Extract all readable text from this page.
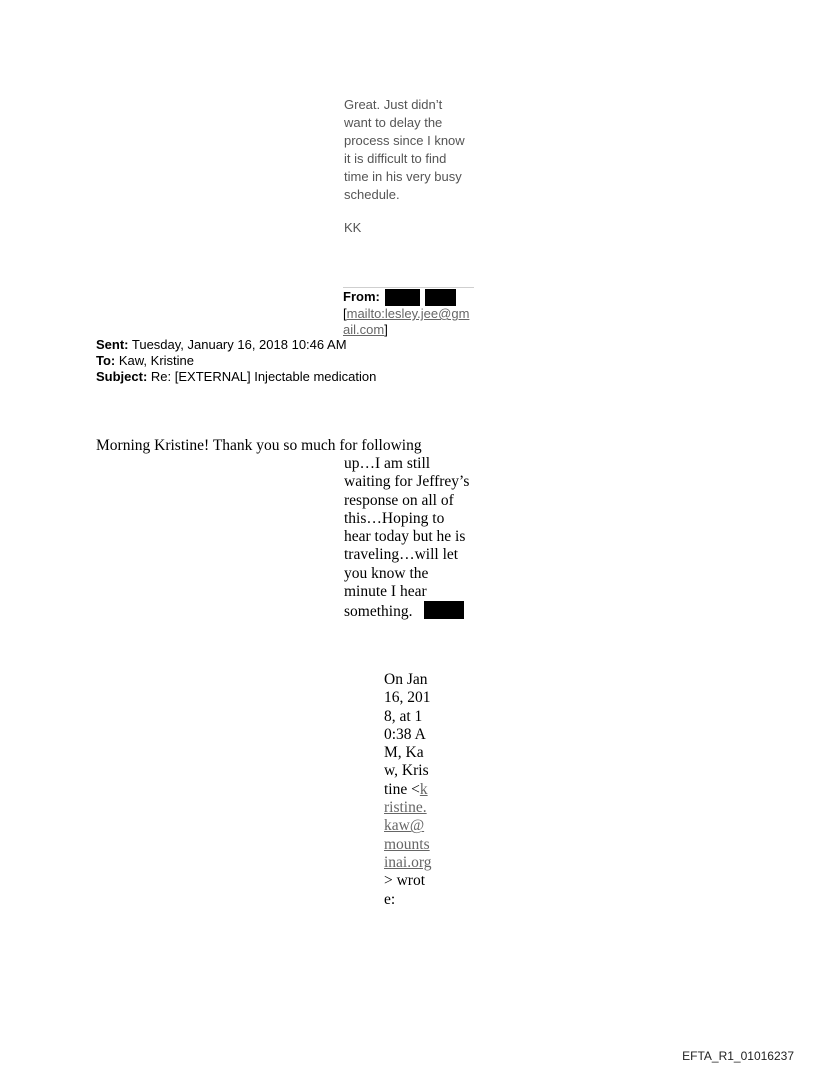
Great. Just didn’t

want to delay the

process since I know

it is difficult to find

time in his very busy

schedule.

KK

From:
[mailto:lesley.jee@gmail.com]
Sent: Tuesday, January 16, 2018 10:46 AM
To: Kaw, Kristine
Subject: Re: [EXTERNAL] Injectable medication
Morning Kristine! Thank you so much for following
up…I am still waiting for Jeffrey’s response on all of this…Hoping to hear today but he is traveling…will let you know the minute I hear something.
On Jan 16, 2018, at 10:38 AM, Kaw, Kristine <kristine.kaw@mountsinai.org> wrote:
EFTA_R1_01016237
